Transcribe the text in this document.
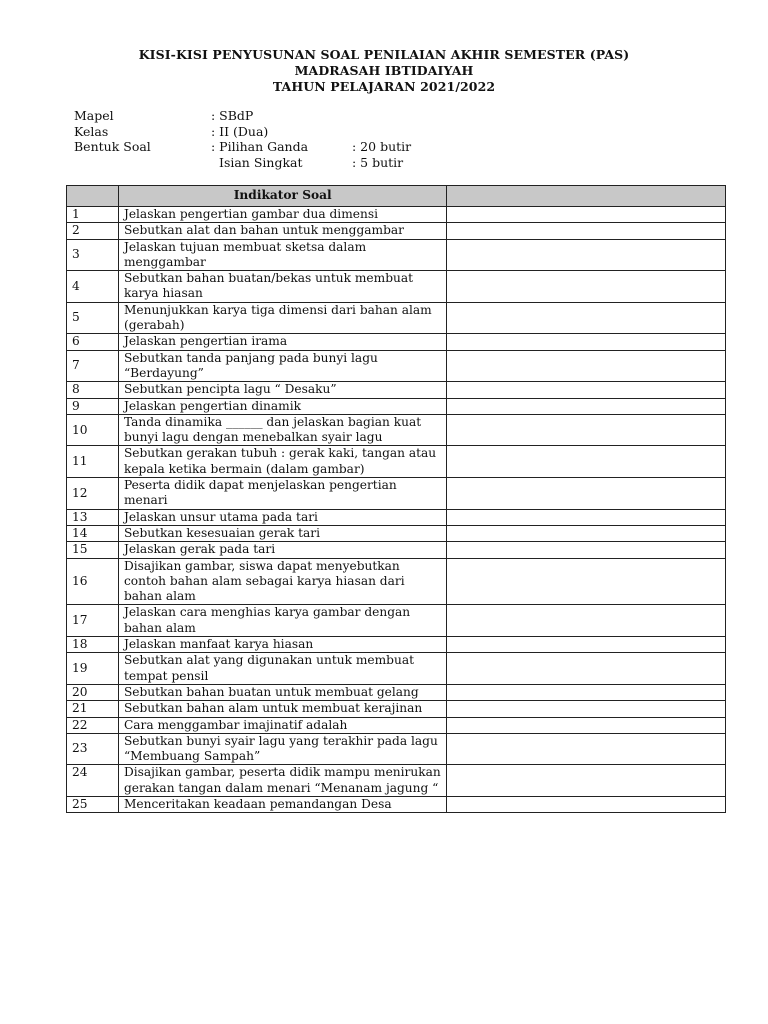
KISI-KISI PENYUSUNAN SOAL PENILAIAN AKHIR SEMESTER (PAS)
MADRASAH IBTIDAIYAH
TAHUN PELAJARAN 2021/2022
Mapel	: SBdP
Kelas	: II (Dua)
Bentuk Soal	: Pilihan Ganda	: 20 butir
Isian Singkat	: 5 butir
	Indikator Soal	
1	Jelaskan pengertian gambar dua dimensi	
2	Sebutkan alat dan bahan untuk menggambar	
3	Jelaskan tujuan membuat sketsa dalam menggambar	
4	Sebutkan bahan buatan/bekas untuk membuat karya hiasan	
5	Menunjukkan karya tiga dimensi dari bahan alam (gerabah)	
6	Jelaskan pengertian irama	
7	Sebutkan tanda panjang pada bunyi lagu “Berdayung”	
8	Sebutkan pencipta lagu “ Desaku”	
9	Jelaskan pengertian dinamik	
10	Tanda dinamika ______ dan jelaskan bagian kuat bunyi lagu dengan menebalkan syair lagu	
11	Sebutkan gerakan tubuh : gerak kaki, tangan atau kepala ketika bermain (dalam gambar)	
12	Peserta didik dapat menjelaskan pengertian menari	
13	Jelaskan unsur utama pada tari	
14	Sebutkan kesesuaian gerak tari	
15	Jelaskan gerak pada tari	
16	Disajikan gambar, siswa dapat menyebutkan contoh bahan alam sebagai karya hiasan dari bahan alam	
17	Jelaskan cara menghias karya gambar dengan bahan alam	
18	Jelaskan manfaat karya hiasan	
19	Sebutkan alat yang digunakan untuk membuat tempat pensil	
20	Sebutkan bahan buatan untuk membuat gelang	
21	Sebutkan bahan alam untuk membuat kerajinan	
22	Cara menggambar imajinatif adalah	
23	Sebutkan bunyi syair lagu yang terakhir pada lagu “Membuang Sampah”	
24	Disajikan gambar, peserta didik mampu menirukan gerakan tangan dalam menari “Menanam jagung “	
25	Menceritakan keadaan pemandangan Desa	
